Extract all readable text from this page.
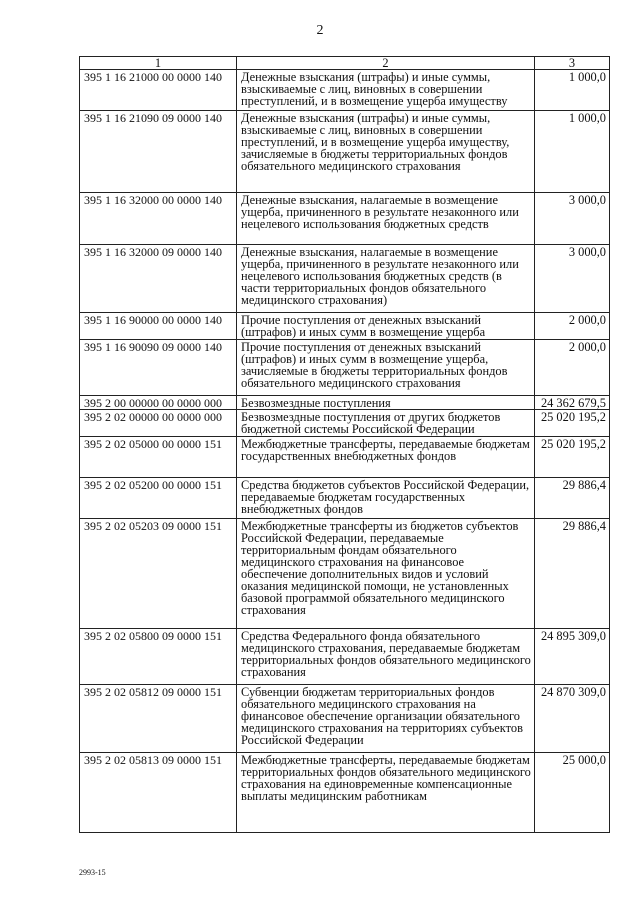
2
1	2	3
395 1 16 21000 00 0000 140	Денежные взыскания (штрафы) и иные суммы, взыскиваемые с лиц, виновных в совершении преступлений, и в возмещение ущерба имуществу	1 000,0
395 1 16 21090 09 0000 140	Денежные взыскания (штрафы) и иные суммы, взыскиваемые с лиц, виновных в совершении преступлений, и в возмещение ущерба имуществу, зачисляемые в бюджеты территориальных фондов обязательного медицинского страхования	1 000,0
395 1 16 32000 00 0000 140	Денежные взыскания, налагаемые в возмещение ущерба, причиненного в результате незаконного или нецелевого использования бюджетных средств	3 000,0
395 1 16 32000 09 0000 140	Денежные взыскания, налагаемые в возмещение ущерба, причиненного в результате незаконного или нецелевого использования бюджетных средств (в части территориальных фондов обязательного медицинского страхования)	3 000,0
395 1 16 90000 00 0000 140	Прочие поступления от денежных взысканий (штрафов) и иных сумм в возмещение ущерба	2 000,0
395 1 16 90090 09 0000 140	Прочие поступления от денежных взысканий (штрафов) и иных сумм в возмещение ущерба, зачисляемые в бюджеты территориальных фондов обязательного медицинского страхования	2 000,0
395 2 00 00000 00 0000 000	Безвозмездные поступления	24 362 679,5
395 2 02 00000 00 0000 000	Безвозмездные поступления от других бюджетов бюджетной системы Российской Федерации	25 020 195,2
395 2 02 05000 00 0000 151	Межбюджетные трансферты, передаваемые бюджетам государственных внебюджетных фондов	25 020 195,2
395 2 02 05200 00 0000 151	Средства бюджетов субъектов Российской Федерации, передаваемые бюджетам государственных внебюджетных фондов	29 886,4
395 2 02 05203 09 0000 151	Межбюджетные трансферты из бюджетов субъектов Российской Федерации, передаваемые территориальным фондам обязательного медицинского страхования на финансовое обеспечение дополнительных видов и условий оказания медицинской помощи, не установленных базовой программой обязательного медицинского страхования	29 886,4
395 2 02 05800 09 0000 151	Средства Федерального фонда обязательного медицинского страхования, передаваемые бюджетам территориальных фондов обязательного медицинского страхования	24 895 309,0
395 2 02 05812 09 0000 151	Субвенции бюджетам территориальных фондов обязательного медицинского страхования на финансовое обеспечение организации обязательного медицинского страхования на территориях субъектов Российской Федерации	24 870 309,0
395 2 02 05813 09 0000 151	Межбюджетные трансферты, передаваемые бюджетам территориальных фондов обязательного медицинского страхования на единовременные компенсационные выплаты медицинским работникам	25 000,0
2993-15
